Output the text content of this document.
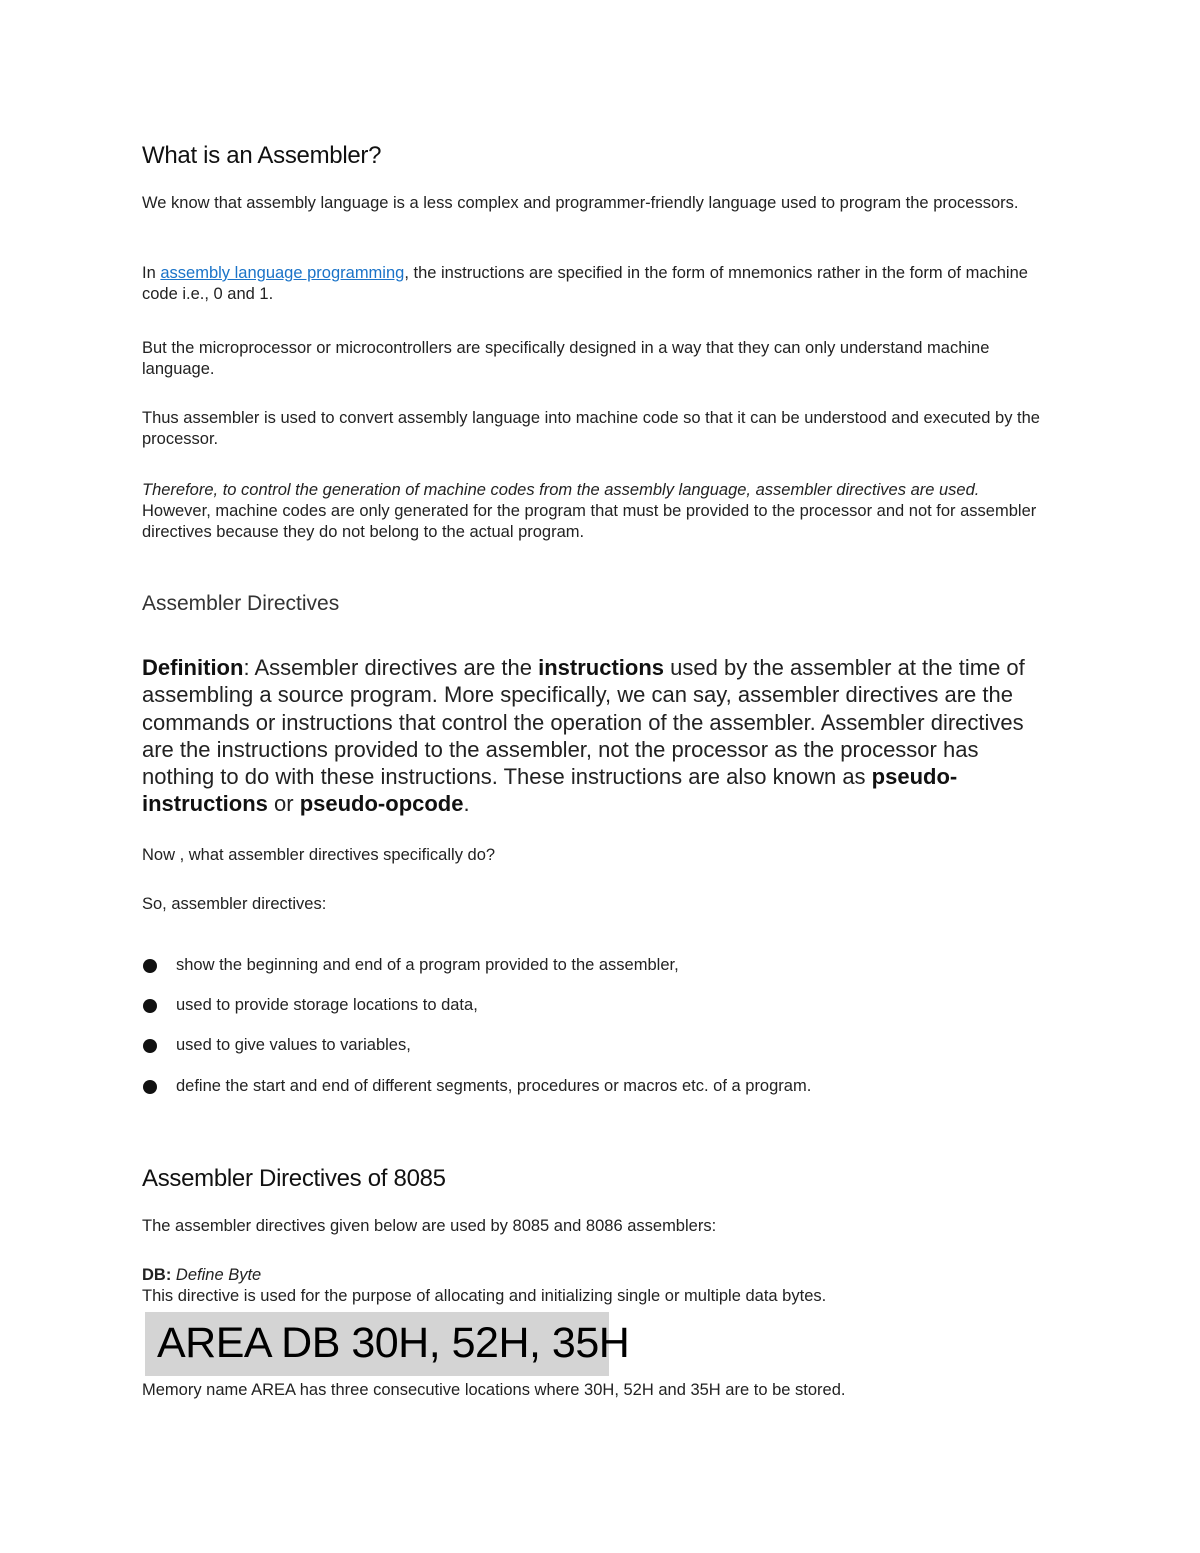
What is an Assembler?

We know that assembly language is a less complex and programmer-friendly language used to program the processors.

In assembly language programming, the instructions are specified in the form of mnemonics rather in the form of machine code i.e., 0 and 1.

But the microprocessor or microcontrollers are specifically designed in a way that they can only understand machine language.

Thus assembler is used to convert assembly language into machine code so that it can be understood and executed by the processor.

Therefore, to control the generation of machine codes from the assembly language, assembler directives are used.
However, machine codes are only generated for the program that must be provided to the processor and not for assembler directives because they do not belong to the actual program.

Assembler Directives

Definition: Assembler directives are the instructions used by the assembler at the time of assembling a source program. More specifically, we can say, assembler directives are the commands or instructions that control the operation of the assembler. Assembler directives are the instructions provided to the assembler, not the processor as the processor has nothing to do with these instructions. These instructions are also known as pseudo-instructions or pseudo-opcode.

Now , what assembler directives specifically do?

So, assembler directives:

show the beginning and end of a program provided to the assembler,
used to provide storage locations to data,
used to give values to variables,
define the start and end of different segments, procedures or macros etc. of a program.
Assembler Directives of 8085

The assembler directives given below are used by 8085 and 8086 assemblers:

DB: Define Byte
This directive is used for the purpose of allocating and initializing single or multiple data bytes.

AREA DB 30H, 52H, 35H

Memory name AREA has three consecutive locations where 30H, 52H and 35H are to be stored.
